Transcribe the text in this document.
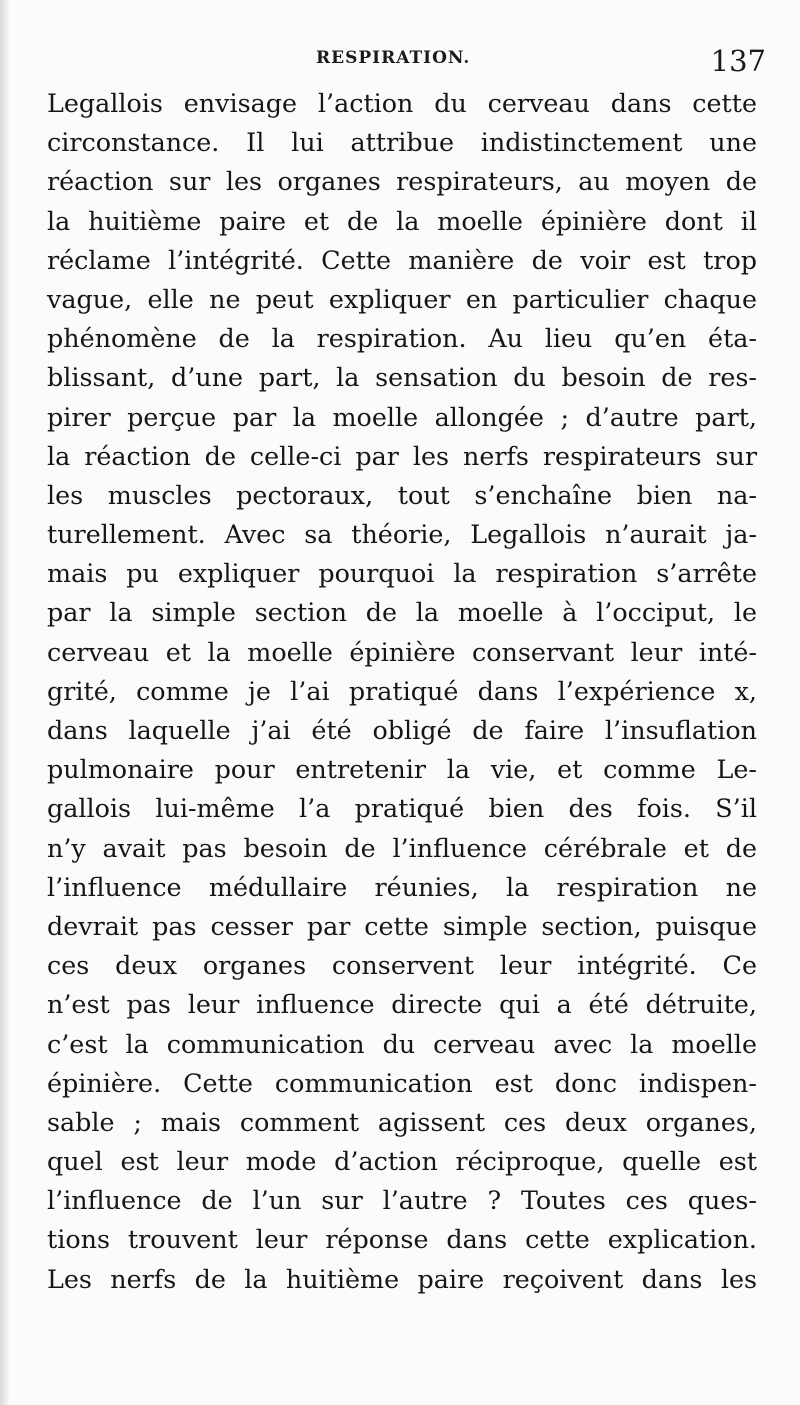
RESPIRATION.	137
Legallois envisage l’action du cerveau dans cette
circonstance. Il lui attribue indistinctement une
réaction sur les organes respirateurs, au moyen de
la huitième paire et de la moelle épinière dont il
réclame l’intégrité. Cette manière de voir est trop
vague, elle ne peut expliquer en particulier chaque
phénomène de la respiration. Au lieu qu’en éta-
blissant, d’une part, la sensation du besoin de res-
pirer perçue par la moelle allongée ; d’autre part,
la réaction de celle-ci par les nerfs respirateurs sur
les muscles pectoraux, tout s’enchaîne bien na-
turellement. Avec sa théorie, Legallois n’aurait ja-
mais pu expliquer pourquoi la respiration s’arrête
par la simple section de la moelle à l’occiput, le
cerveau et la moelle épinière conservant leur inté-
grité, comme je l’ai pratiqué dans l’expérience x,
dans laquelle j’ai été obligé de faire l’insuflation
pulmonaire pour entretenir la vie, et comme Le-
gallois lui-même l’a pratiqué bien des fois. S’il
n’y avait pas besoin de l’influence cérébrale et de
l’influence médullaire réunies, la respiration ne
devrait pas cesser par cette simple section, puisque
ces deux organes conservent leur intégrité. Ce
n’est pas leur influence directe qui a été détruite,
c’est la communication du cerveau avec la moelle
épinière. Cette communication est donc indispen-
sable ; mais comment agissent ces deux organes,
quel est leur mode d’action réciproque, quelle est
l’influence de l’un sur l’autre ? Toutes ces ques-
tions trouvent leur réponse dans cette explication.
Les nerfs de la huitième paire reçoivent dans les
